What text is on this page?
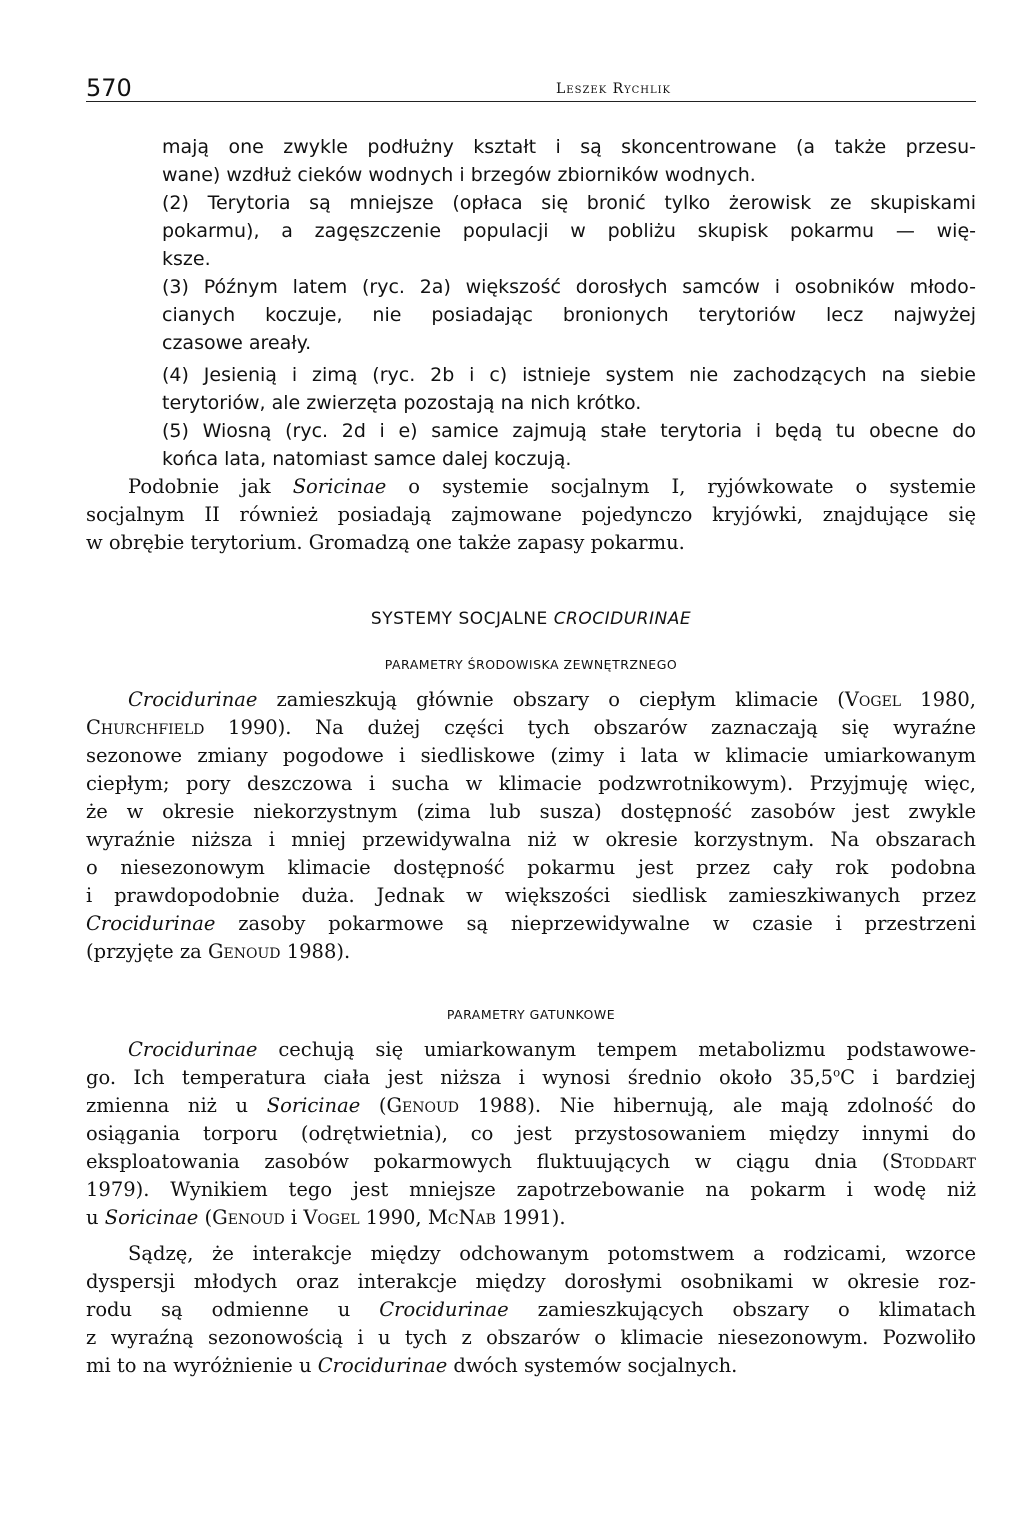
570	Leszek Rychlik
mają one zwykle podłużny kształt i są skoncentrowane (a także przesu-
wane) wzdłuż cieków wodnych i brzegów zbiorników wodnych.
(2) Terytoria są mniejsze (opłaca się bronić tylko żerowisk ze skupiskami
pokarmu), a zagęszczenie populacji w pobliżu skupisk pokarmu — wię-
ksze.
(3) Późnym latem (ryc. 2a) większość dorosłych samców i osobników młodo-
cianych koczuje, nie posiadając bronionych terytoriów lecz najwyżej
czasowe areały.
(4) Jesienią i zimą (ryc. 2b i c) istnieje system nie zachodzących na siebie
terytoriów, ale zwierzęta pozostają na nich krótko.
(5) Wiosną (ryc. 2d i e) samice zajmują stałe terytoria i będą tu obecne do
końca lata, natomiast samce dalej koczują.
Podobnie jak Soricinae o systemie socjalnym I, ryjówkowate o systemie
socjalnym II również posiadają zajmowane pojedynczo kryjówki, znajdujące się
w obrębie terytorium. Gromadzą one także zapasy pokarmu.
SYSTEMY SOCJALNE CROCIDURINAE
PARAMETRY ŚRODOWISKA ZEWNĘTRZNEGO
Crocidurinae zamieszkują głównie obszary o ciepłym klimacie (Vogel 1980,
Churchfield 1990). Na dużej części tych obszarów zaznaczają się wyraźne
sezonowe zmiany pogodowe i siedliskowe (zimy i lata w klimacie umiarkowanym
ciepłym; pory deszczowa i sucha w klimacie podzwrotnikowym). Przyjmuję więc,
że w okresie niekorzystnym (zima lub susza) dostępność zasobów jest zwykle
wyraźnie niższa i mniej przewidywalna niż w okresie korzystnym. Na obszarach
o niesezonowym klimacie dostępność pokarmu jest przez cały rok podobna
i prawdopodobnie duża. Jednak w większości siedlisk zamieszkiwanych przez
Crocidurinae zasoby pokarmowe są nieprzewidywalne w czasie i przestrzeni
(przyjęte za Genoud 1988).
PARAMETRY GATUNKOWE
Crocidurinae cechują się umiarkowanym tempem metabolizmu podstawowe-
go. Ich temperatura ciała jest niższa i wynosi średnio około 35,5$^o$C i bardziej
zmienna niż u Soricinae (Genoud 1988). Nie hibernują, ale mają zdolność do
osiągania torporu (odrętwietnia), co jest przystosowaniem między innymi do
eksploatowania zasobów pokarmowych fluktuujących w ciągu dnia (Stoddart
1979). Wynikiem tego jest mniejsze zapotrzebowanie na pokarm i wodę niż
u Soricinae (Genoud i Vogel 1990, McNab 1991).
Sądzę, że interakcje między odchowanym potomstwem a rodzicami, wzorce
dyspersji młodych oraz interakcje między dorosłymi osobnikami w okresie roz-
rodu są odmienne u Crocidurinae zamieszkujących obszary o klimatach
z wyraźną sezonowością i u tych z obszarów o klimacie niesezonowym. Pozwoliło
mi to na wyróżnienie u Crocidurinae dwóch systemów socjalnych.
